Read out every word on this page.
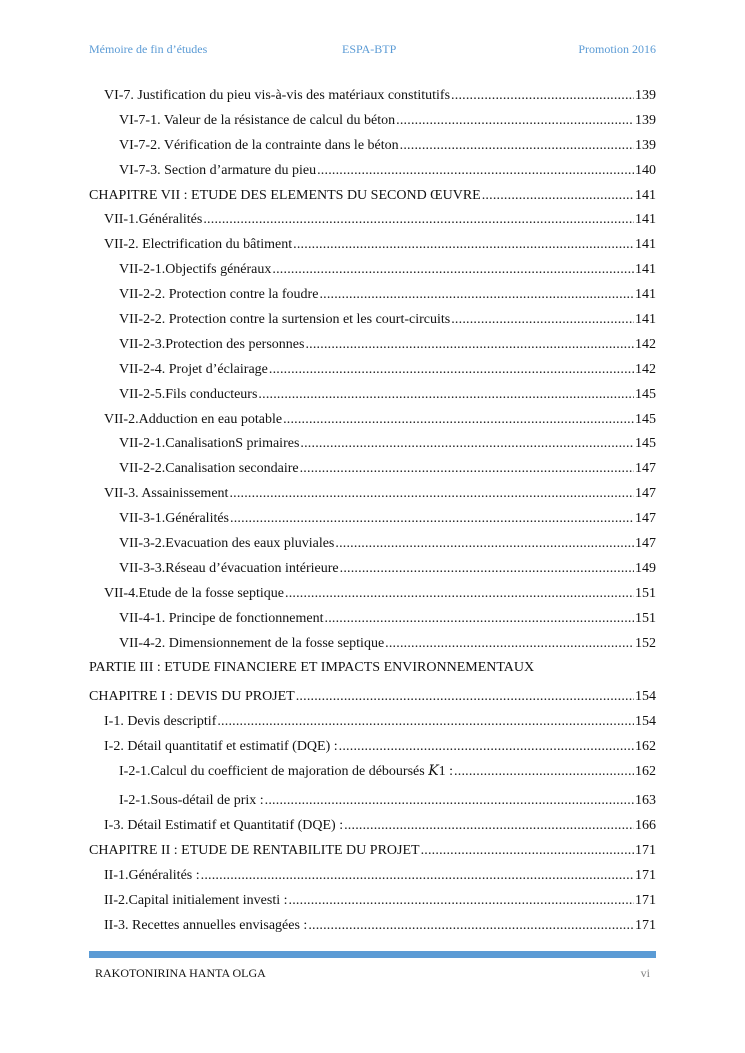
Mémoire de fin d’études	ESPA-BTP	Promotion 2016
VI-7. Justification du pieu vis-à-vis des matériaux constitutifs .....	139
VI-7-1. Valeur de la résistance de calcul du béton .....	139
VI-7-2. Vérification de la contrainte dans le béton .....	139
VI-7-3. Section d’armature du pieu .....	140
CHAPITRE VII : ETUDE DES ELEMENTS DU SECOND ŒUVRE .....	141
VII-1.Généralités .....	141
VII-2. Electrification du bâtiment .....	141
VII-2-1.Objectifs généraux .....	141
VII-2-2. Protection contre la foudre .....	141
VII-2-2. Protection contre la surtension et les court-circuits .....	141
VII-2-3.Protection des personnes .....	142
VII-2-4. Projet d’éclairage .....	142
VII-2-5.Fils conducteurs .....	145
VII-2.Adduction en eau potable .....	145
VII-2-1.CanalisationS primaires .....	145
VII-2-2.Canalisation secondaire .....	147
VII-3. Assainissement .....	147
VII-3-1.Généralités .....	147
VII-3-2.Evacuation des eaux pluviales .....	147
VII-3-3.Réseau d’évacuation intérieure .....	149
VII-4.Etude de la fosse septique .....	151
VII-4-1. Principe de fonctionnement .....	151
VII-4-2. Dimensionnement de la fosse septique .....	152
PARTIE III : ETUDE FINANCIERE ET IMPACTS ENVIRONNEMENTAUX
CHAPITRE I : DEVIS DU PROJET .....	154
I-1. Devis descriptif .....	154
I-2. Détail quantitatif et estimatif (DQE) : .....	162
I-2-1.Calcul du coefficient de majoration de déboursés 𝐾1 : .....	162
I-2-1.Sous-détail de prix : .....	163
I-3. Détail Estimatif et Quantitatif (DQE) : .....	166
CHAPITRE II : ETUDE DE RENTABILITE DU PROJET .....	171
II-1.Généralités : .....	171
II-2.Capital initialement investi : .....	171
II-3. Recettes annuelles envisagées : .....	171
RAKOTONIRINA HANTA OLGA	vi
